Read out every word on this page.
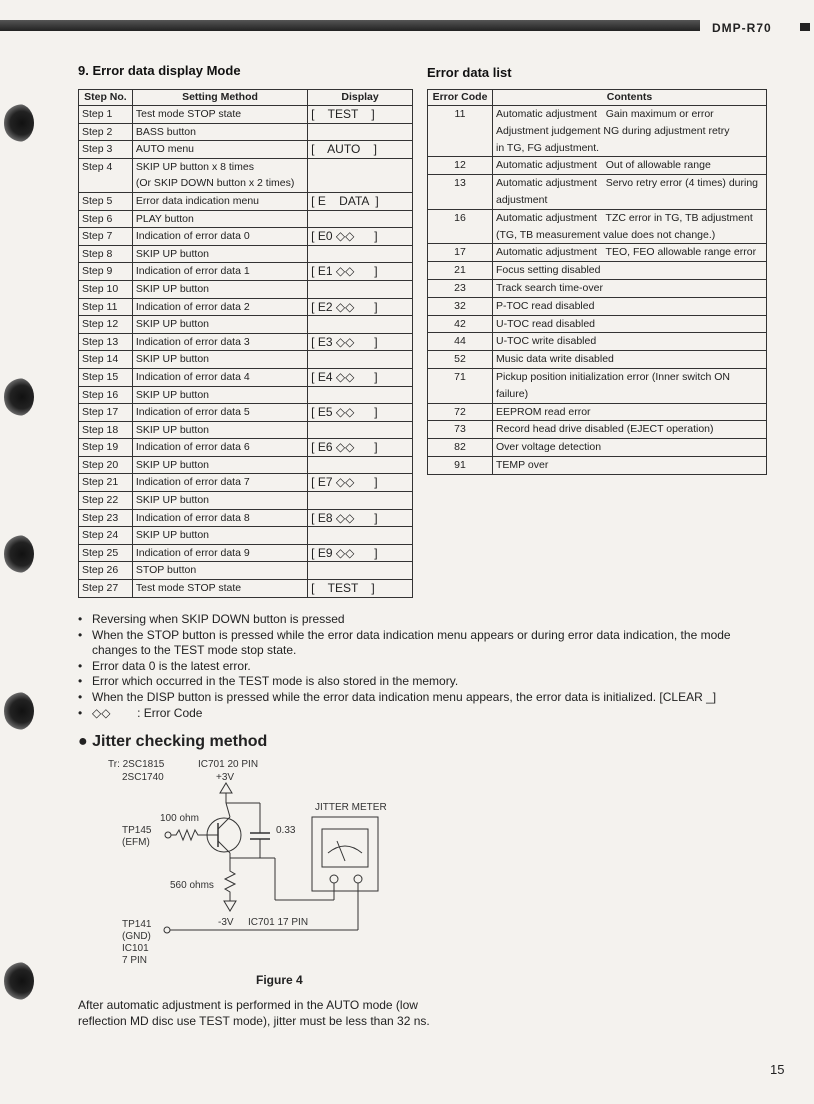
DMP-R70
9. Error data display Mode	Error data list
Step No.	Setting Method	Display
Step 1	Test mode STOP state	[    TEST    ]
Step 2	BASS button	

Step 3	AUTO menu	[    AUTO    ]
Step 4	SKIP UP button x 8 times
(Or SKIP DOWN button x 2 times)	

Step 5	Error data indication menu	[ E    DATA  ]
Step 6	PLAY button	

Step 7	Indication of error data 0	[ E0 ◇◇      ]
Step 8	SKIP UP button	

Step 9	Indication of error data 1	[ E1 ◇◇      ]
Step 10	SKIP UP button	

Step 11	Indication of error data 2	[ E2 ◇◇      ]
Step 12	SKIP UP button	

Step 13	Indication of error data 3	[ E3 ◇◇      ]
Step 14	SKIP UP button	

Step 15	Indication of error data 4	[ E4 ◇◇      ]
Step 16	SKIP UP button	

Step 17	Indication of error data 5	[ E5 ◇◇      ]
Step 18	SKIP UP button	

Step 19	Indication of error data 6	[ E6 ◇◇      ]
Step 20	SKIP UP button	

Step 21	Indication of error data 7	[ E7 ◇◇      ]
Step 22	SKIP UP button	

Step 23	Indication of error data 8	[ E8 ◇◇      ]
Step 24	SKIP UP button	

Step 25	Indication of error data 9	[ E9 ◇◇      ]
Step 26	STOP button	

Step 27	Test mode STOP state	[    TEST    ]
Error Code	Contents
11	Automatic adjustment   Gain maximum or error
Adjustment judgement NG during adjustment retry
in TG, FG adjustment.

12	Automatic adjustment   Out of allowable range

13	Automatic adjustment   Servo retry error (4 times) during
adjustment

16	Automatic adjustment   TZC error in TG, TB adjustment
(TG, TB measurement value does not change.)

17	Automatic adjustment   TEO, FEO allowable range error

21	Focus setting disabled

23	Track search time-over

32	P-TOC read disabled

42	U-TOC read disabled

44	U-TOC write disabled

52	Music data write disabled

71	Pickup position initialization error (Inner switch ON
failure)

72	EEPROM read error

73	Record head drive disabled (EJECT operation)

82	Over voltage detection

91	TEMP over
• Reversing when SKIP DOWN button is pressed
• When the STOP button is pressed while the error data indication menu appears or during error data indication, the mode changes to the TEST mode stop state.
• Error data 0 is the latest error.
• Error which occurred in the TEST mode is also stored in the memory.
• When the DISP button is pressed while the error data indication menu appears, the error data is initialized. [CLEAR _]
• ◇◇        : Error Code
● Jitter checking method
Tr: 2SC1815
2SC1740
IC701 20 PIN
+3V
0.33
100 ohm
TP145
(EFM)
560 ohms
-3V IC701 17 PIN
JITTER METER
TP141
(GND)
IC101
7 PIN
Figure 4
After automatic adjustment is performed in the AUTO mode (low reflection MD disc use TEST mode), jitter must be less than 32 ns.
15
